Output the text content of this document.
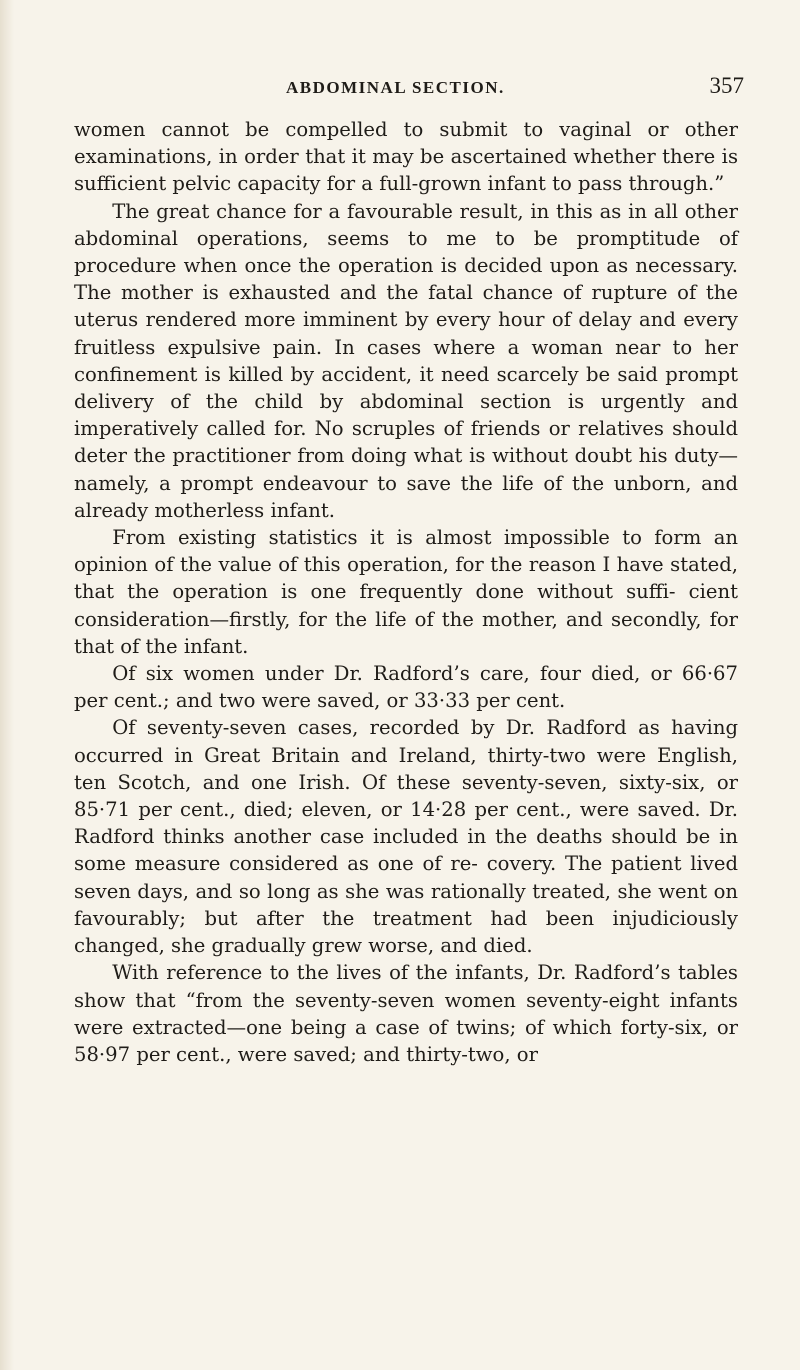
ABDOMINAL SECTION.	357

women cannot be compelled to submit to vaginal or other examinations, in order that it may be ascertained whether there is sufficient pelvic capacity for a full-grown infant to pass through.”

The great chance for a favourable result, in this as in all other abdominal operations, seems to me to be promptitude of procedure when once the operation is decided upon as necessary. The mother is exhausted and the fatal chance of rupture of the uterus rendered more imminent by every hour of delay and every fruitless expulsive pain. In cases where a woman near to her confinement is killed by accident, it need scarcely be said prompt delivery of the child by abdominal section is urgently and imperatively called for. No scruples of friends or relatives should deter the practitioner from doing what is without doubt his duty—namely, a prompt endeavour to save the life of the unborn, and already motherless infant.

From existing statistics it is almost impossible to form an opinion of the value of this operation, for the reason I have stated, that the operation is one frequently done without suffi- cient consideration—firstly, for the life of the mother, and secondly, for that of the infant.

Of six women under Dr. Radford’s care, four died, or 66·67 per cent.; and two were saved, or 33·33 per cent.

Of seventy-seven cases, recorded by Dr. Radford as having occurred in Great Britain and Ireland, thirty-two were English, ten Scotch, and one Irish. Of these seventy-seven, sixty-six, or 85·71 per cent., died; eleven, or 14·28 per cent., were saved. Dr. Radford thinks another case included in the deaths should be in some measure considered as one of re- covery. The patient lived seven days, and so long as she was rationally treated, she went on favourably; but after the treatment had been injudiciously changed, she gradually grew worse, and died.

With reference to the lives of the infants, Dr. Radford’s tables show that “from the seventy-seven women seventy-eight infants were extracted—one being a case of twins; of which forty-six, or 58·97 per cent., were saved; and thirty-two, or
